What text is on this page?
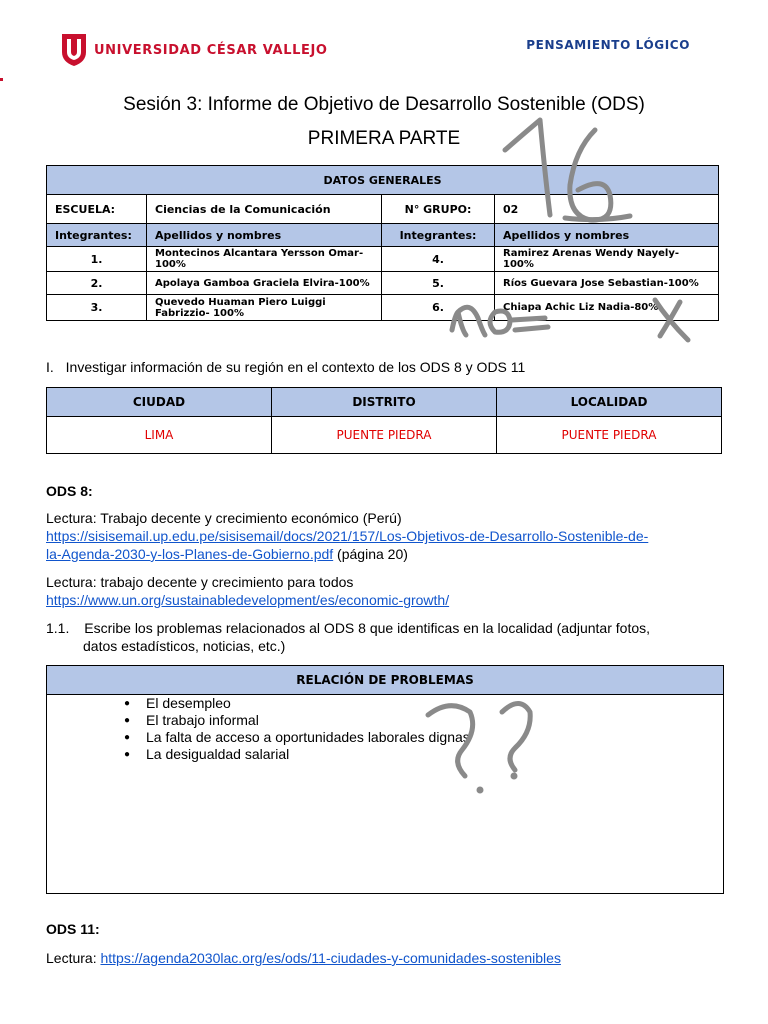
UNIVERSIDAD CÉSAR VALLEJO	PENSAMIENTO LÓGICO
Sesión 3: Informe de Objetivo de Desarrollo Sostenible (ODS)
PRIMERA PARTE
DATOS GENERALES			
ESCUELA:	Ciencias de la Comunicación	N° GRUPO:	02
Integrantes:	Apellidos y nombres	Integrantes:	Apellidos y nombres
1.	Montecinos Alcantara Yersson Omar- 100%	4.	Ramirez Arenas Wendy Nayely- 100%
2.	Apolaya Gamboa Graciela Elvira-100%	5.	Ríos Guevara Jose Sebastian-100%
3.	Quevedo Huaman Piero Luiggi Fabrizzio- 100%	6.	Chiapa Achic Liz Nadia-80%
I. Investigar información de su región en el contexto de los ODS 8 y ODS 11
CIUDAD	DISTRITO	LOCALIDAD
LIMA	PUENTE PIEDRA	PUENTE PIEDRA
ODS 8:
Lectura: Trabajo decente y crecimiento económico (Perú)
https://sisisemail.up.edu.pe/sisisemail/docs/2021/157/Los-Objetivos-de-Desarrollo-Sostenible-de-
la-Agenda-2030-y-los-Planes-de-Gobierno.pdf (página 20)
Lectura: trabajo decente y crecimiento para todos
https://www.un.org/sustainabledevelopment/es/economic-growth/
1.1. Escribe los problemas relacionados al ODS 8 que identificas en la localidad (adjuntar fotos,
datos estadísticos, noticias, etc.)
RELACIÓN DE PROBLEMAS

● El desempleo
● El trabajo informal
● La falta de acceso a oportunidades laborales dignas
● La desigualdad salarial
ODS 11:
Lectura: https://agenda2030lac.org/es/ods/11-ciudades-y-comunidades-sostenibles
